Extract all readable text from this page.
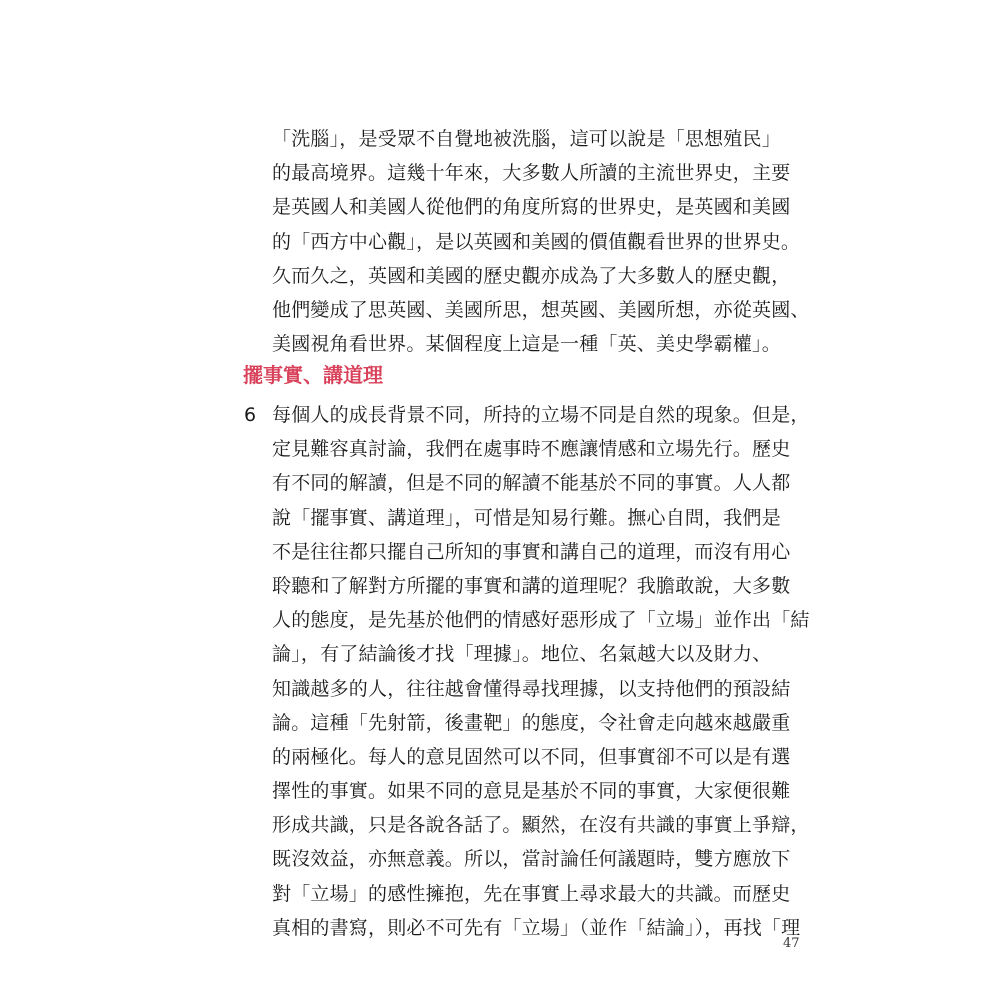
「洗腦」，是受眾不自覺地被洗腦，這可以說是「思想殖民」
的最高境界。這幾十年來，大多數人所讀的主流世界史，主要
是英國人和美國人從他們的角度所寫的世界史，是英國和美國
的「西方中心觀」，是以英國和美國的價值觀看世界的世界史。
久而久之，英國和美國的歷史觀亦成為了大多數人的歷史觀，
他們變成了思英國、美國所思，想英國、美國所想，亦從英國、
美國視角看世界。某個程度上這是一種「英、美史學霸權」。
擺事實、講道理
6 每個人的成長背景不同，所持的立場不同是自然的現象。但是，
定見難容真討論，我們在處事時不應讓情感和立場先行。歷史
有不同的解讀，但是不同的解讀不能基於不同的事實。人人都
說「擺事實、講道理」，可惜是知易行難。撫心自問，我們是
不是往往都只擺自己所知的事實和講自己的道理，而沒有用心
聆聽和了解對方所擺的事實和講的道理呢？我膽敢說，大多數
人的態度，是先基於他們的情感好惡形成了「立場」並作出「結
論」，有了結論後才找「理據」。地位、名氣越大以及財力、
知識越多的人，往往越會懂得尋找理據，以支持他們的預設結
論。這種「先射箭，後畫靶」的態度，令社會走向越來越嚴重
的兩極化。每人的意見固然可以不同，但事實卻不可以是有選
擇性的事實。如果不同的意見是基於不同的事實，大家便很難
形成共識，只是各說各話了。顯然，在沒有共識的事實上爭辯，
既沒效益，亦無意義。所以，當討論任何議題時，雙方應放下
對「立場」的感性擁抱，先在事實上尋求最大的共識。而歷史
真相的書寫，則必不可先有「立場」（並作「結論」），再找「理
47
